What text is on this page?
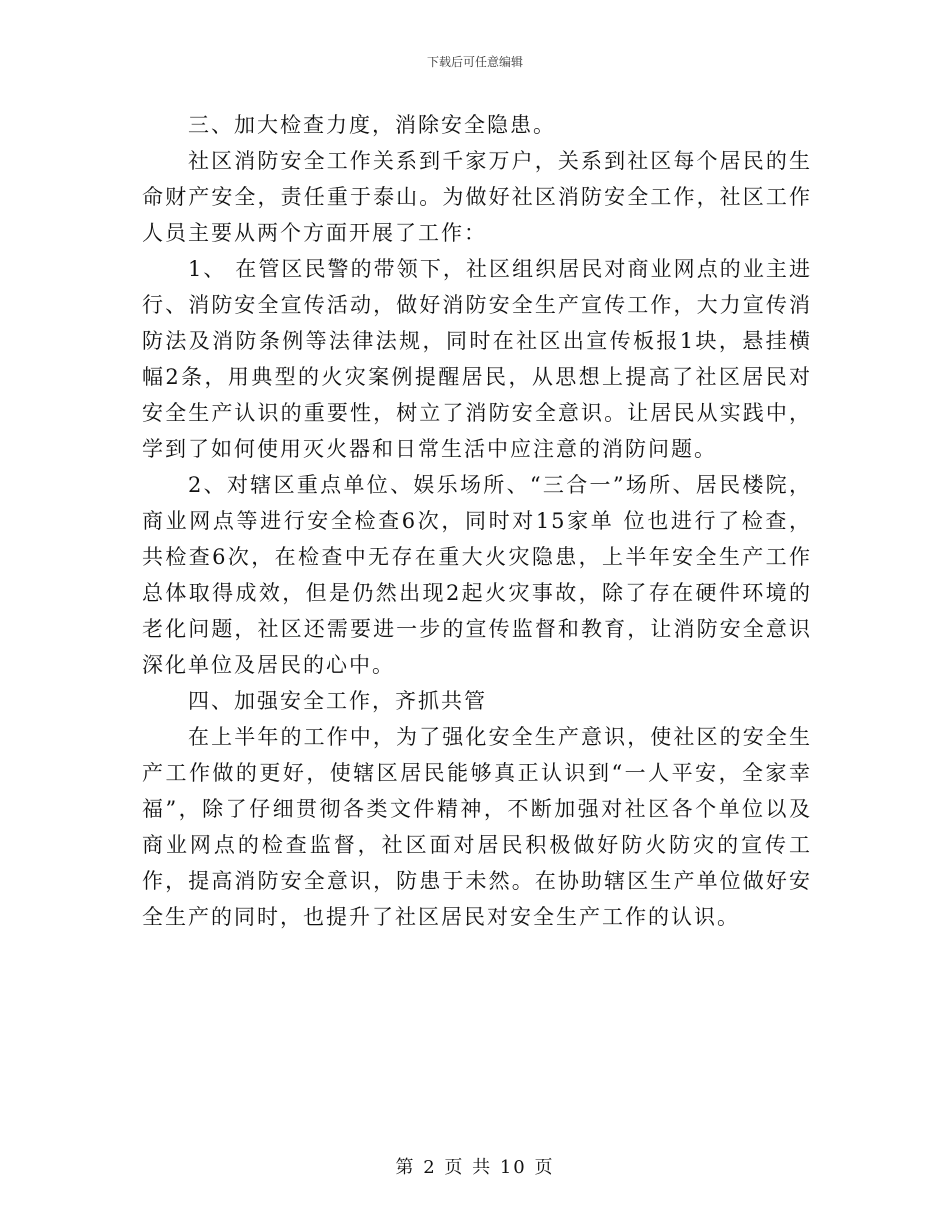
下载后可任意编辑

三、加大检查力度，消除安全隐患。

社区消防安全工作关系到千家万户，关系到社区每个居民的生命财产安全，责任重于泰山。为做好社区消防安全工作，社区工作人员主要从两个方面开展了工作：

1、 在管区民警的带领下，社区组织居民对商业网点的业主进行、消防安全宣传活动，做好消防安全生产宣传工作，大力宣传消防法及消防条例等法律法规，同时在社区出宣传板报1块，悬挂横幅2条，用典型的火灾案例提醒居民，从思想上提高了社区居民对安全生产认识的重要性，树立了消防安全意识。让居民从实践中，学到了如何使用灭火器和日常生活中应注意的消防问题。

2、对辖区重点单位、娱乐场所、“三合一”场所、居民楼院，商业网点等进行安全检查6次，同时对15家单 位也进行了检查，共检查6次，在检查中无存在重大火灾隐患，上半年安全生产工作总体取得成效，但是仍然出现2起火灾事故，除了存在硬件环境的老化问题，社区还需要进一步的宣传监督和教育，让消防安全意识深化单位及居民的心中。

四、加强安全工作，齐抓共管

在上半年的工作中，为了强化安全生产意识，使社区的安全生产工作做的更好，使辖区居民能够真正认识到“一人平安，全家幸福”，除了仔细贯彻各类文件精神，不断加强对社区各个单位以及商业网点的检查监督，社区面对居民积极做好防火防灾的宣传工作，提高消防安全意识，防患于未然。在协助辖区生产单位做好安全生产的同时，也提升了社区居民对安全生产工作的认识。

第 2 页 共 10 页
